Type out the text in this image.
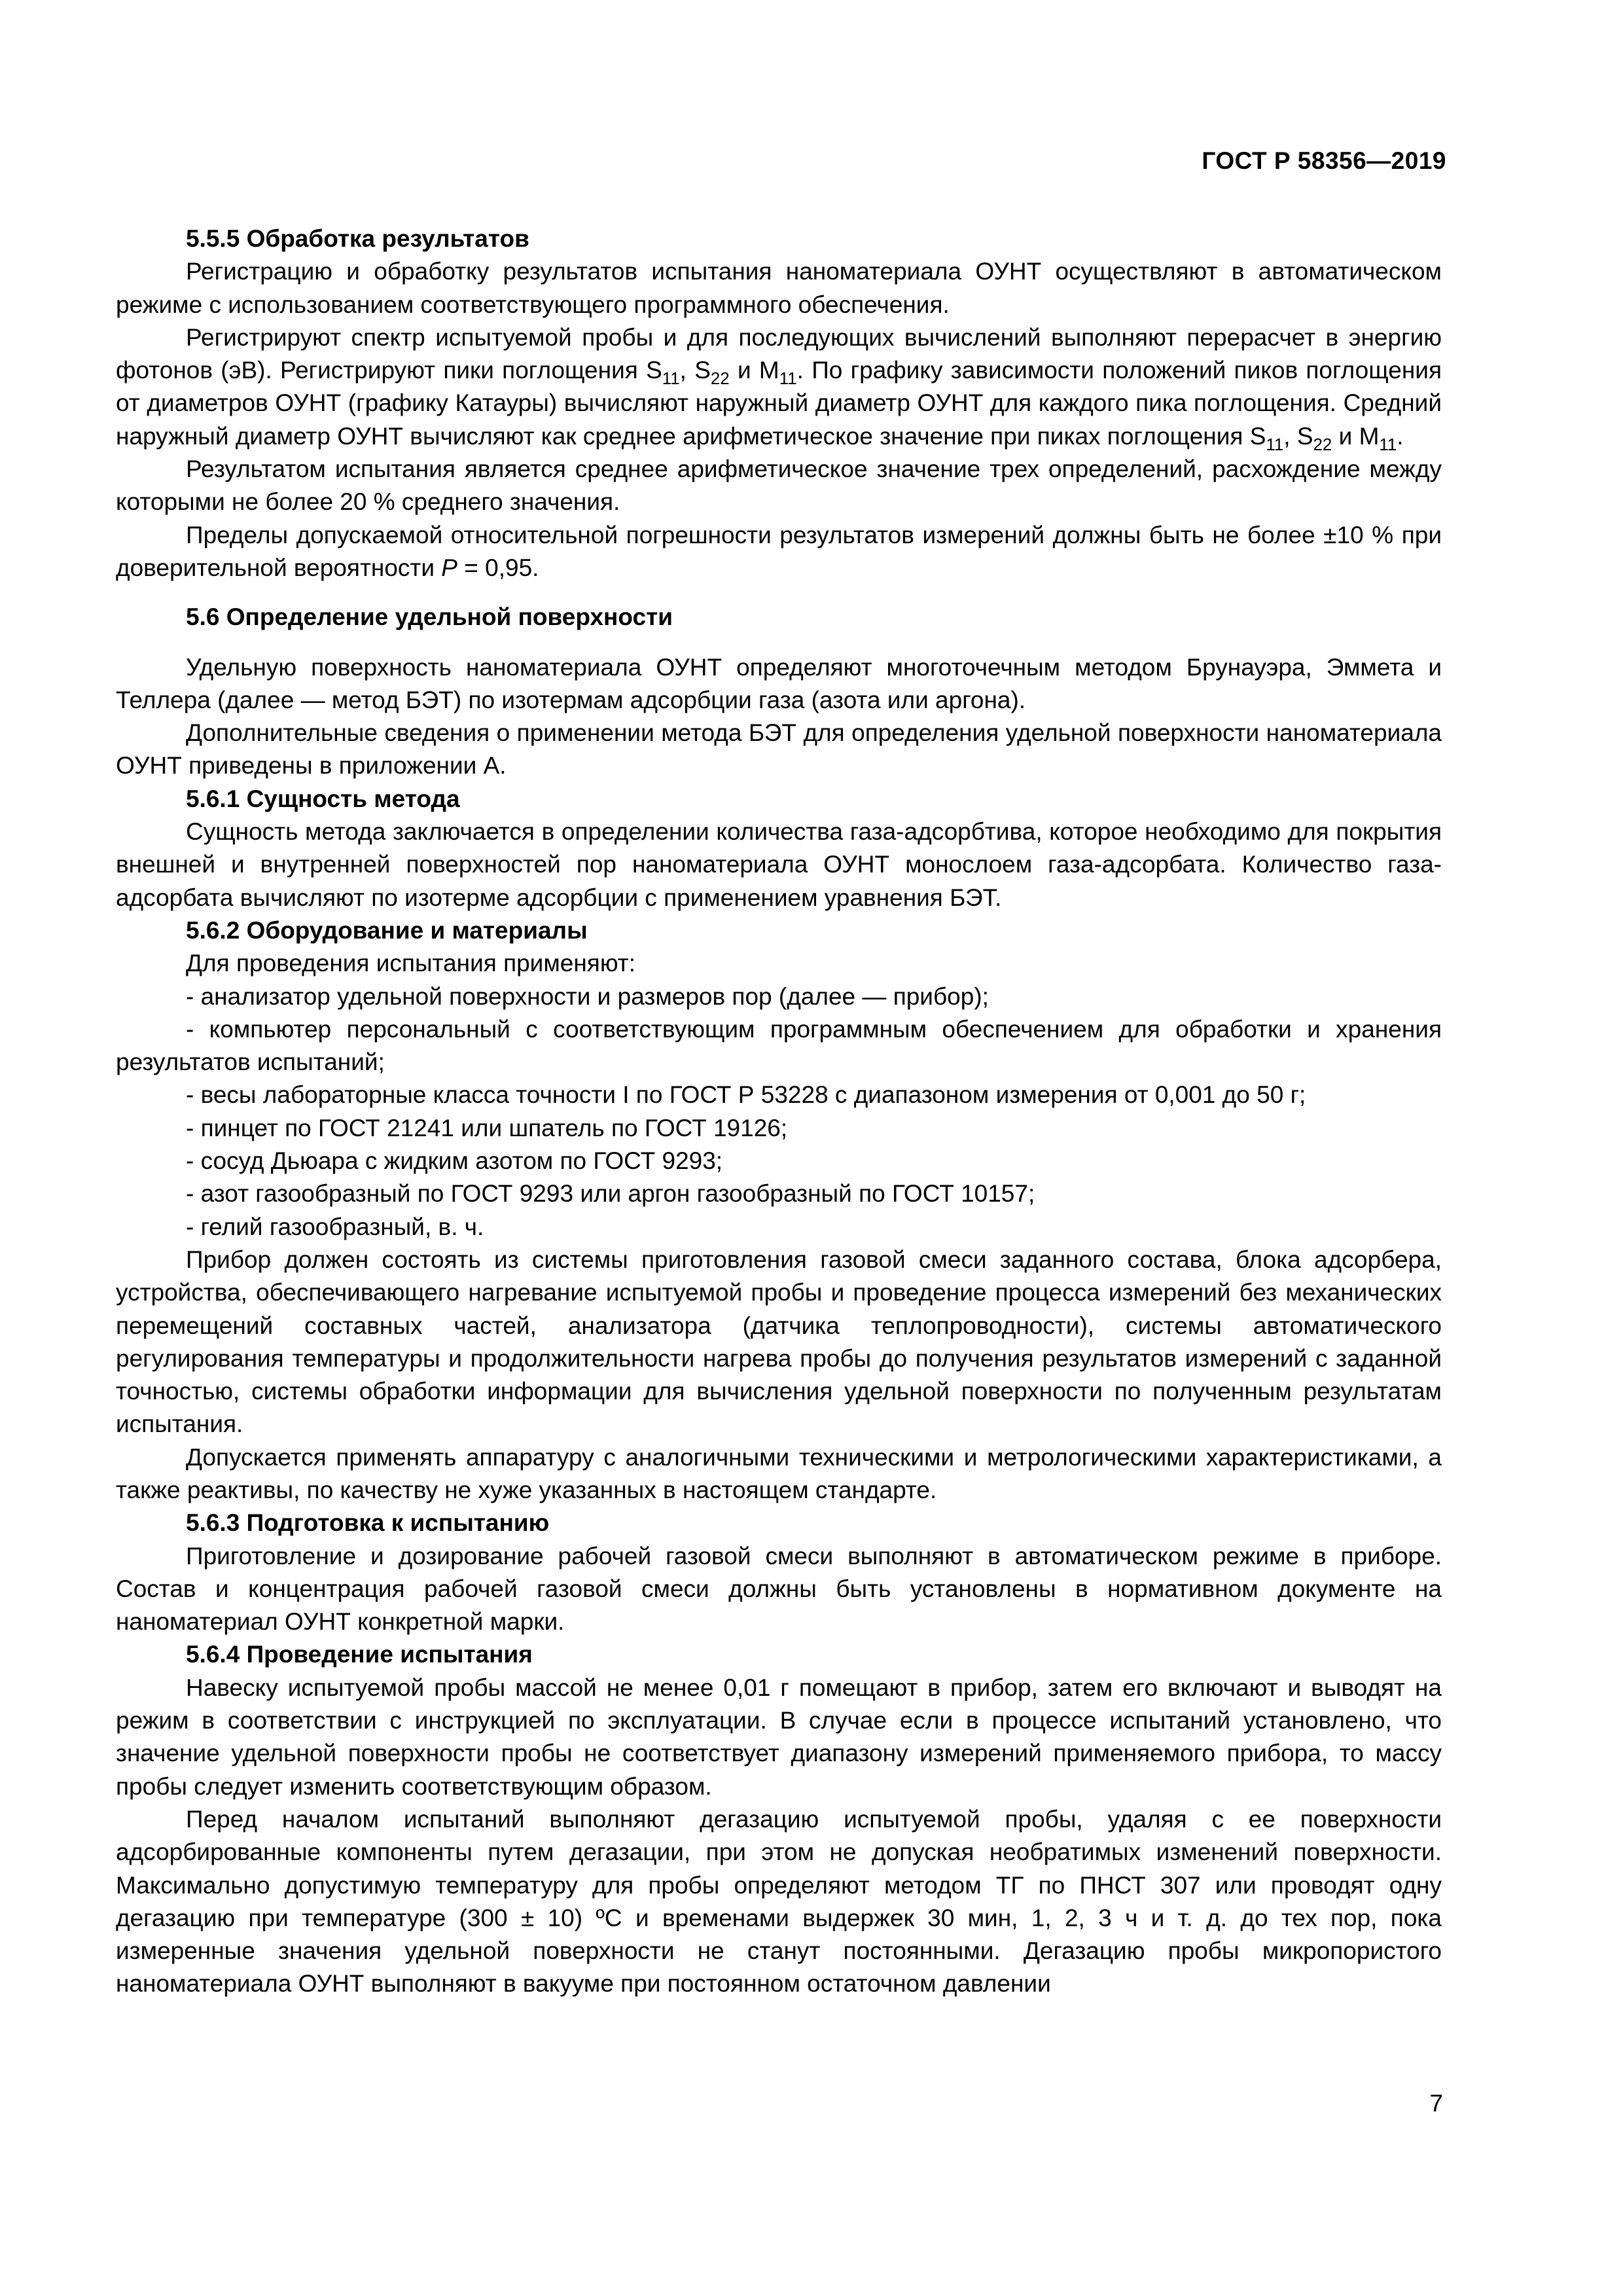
ГОСТ Р 58356—2019

5.5.5 Обработка результатов

Регистрацию и обработку результатов испытания наноматериала ОУНТ осуществляют в автоматическом режиме с использованием соответствующего программного обеспечения.

Регистрируют спектр испытуемой пробы и для последующих вычислений выполняют перерасчет в энергию фотонов (эВ). Регистрируют пики поглощения $S_{11}$, $S_{22}$ и $M_{11}$. По графику зависимости положений пиков поглощения от диаметров ОУНТ (графику Катауры) вычисляют наружный диаметр ОУНТ для каждого пика поглощения. Средний наружный диаметр ОУНТ вычисляют как среднее арифметическое значение при пиках поглощения $S_{11}$, $S_{22}$ и $M_{11}$.

Результатом испытания является среднее арифметическое значение трех определений, расхождение между которыми не более 20 % среднего значения.

Пределы допускаемой относительной погрешности результатов измерений должны быть не более ±10 % при доверительной вероятности Р = 0,95.

5.6 Определение удельной поверхности

Удельную поверхность наноматериала ОУНТ определяют многоточечным методом Брунауэра, Эммета и Теллера (далее — метод БЭТ) по изотермам адсорбции газа (азота или аргона).

Дополнительные сведения о применении метода БЭТ для определения удельной поверхности наноматериала ОУНТ приведены в приложении А.

5.6.1 Сущность метода

Сущность метода заключается в определении количества газа-адсорбтива, которое необходимо для покрытия внешней и внутренней поверхностей пор наноматериала ОУНТ монослоем газа-адсорбата. Количество газа-адсорбата вычисляют по изотерме адсорбции с применением уравнения БЭТ.

5.6.2 Оборудование и материалы

Для проведения испытания применяют:

- анализатор удельной поверхности и размеров пор (далее — прибор);

- компьютер персональный с соответствующим программным обеспечением для обработки и хранения результатов испытаний;

- весы лабораторные класса точности I по ГОСТ Р 53228 с диапазоном измерения от 0,001 до 50 г;

- пинцет по ГОСТ 21241 или шпатель по ГОСТ 19126;

- сосуд Дьюара с жидким азотом по ГОСТ 9293;

- азот газообразный по ГОСТ 9293 или аргон газообразный по ГОСТ 10157;

- гелий газообразный, в. ч.

Прибор должен состоять из системы приготовления газовой смеси заданного состава, блока адсорбера, устройства, обеспечивающего нагревание испытуемой пробы и проведение процесса измерений без механических перемещений составных частей, анализатора (датчика теплопроводности), системы автоматического регулирования температуры и продолжительности нагрева пробы до получения результатов измерений с заданной точностью, системы обработки информации для вычисления удельной поверхности по полученным результатам испытания.

Допускается применять аппаратуру с аналогичными техническими и метрологическими характеристиками, а также реактивы, по качеству не хуже указанных в настоящем стандарте.

5.6.3 Подготовка к испытанию

Приготовление и дозирование рабочей газовой смеси выполняют в автоматическом режиме в приборе. Состав и концентрация рабочей газовой смеси должны быть установлены в нормативном документе на наноматериал ОУНТ конкретной марки.

5.6.4 Проведение испытания

Навеску испытуемой пробы массой не менее 0,01 г помещают в прибор, затем его включают и выводят на режим в соответствии с инструкцией по эксплуатации. В случае если в процессе испытаний установлено, что значение удельной поверхности пробы не соответствует диапазону измерений применяемого прибора, то массу пробы следует изменить соответствующим образом.

Перед началом испытаний выполняют дегазацию испытуемой пробы, удаляя с ее поверхности адсорбированные компоненты путем дегазации, при этом не допуская необратимых изменений поверхности. Максимально допустимую температуру для пробы определяют методом ТГ по ПНСТ 307 или проводят одну дегазацию при температуре (300 ± 10) ºС и временами выдержек 30 мин, 1, 2, 3 ч и т. д. до тех пор, пока измеренные значения удельной поверхности не станут постоянными. Дегазацию пробы микропористого наноматериала ОУНТ выполняют в вакууме при постоянном остаточном давлении

7
